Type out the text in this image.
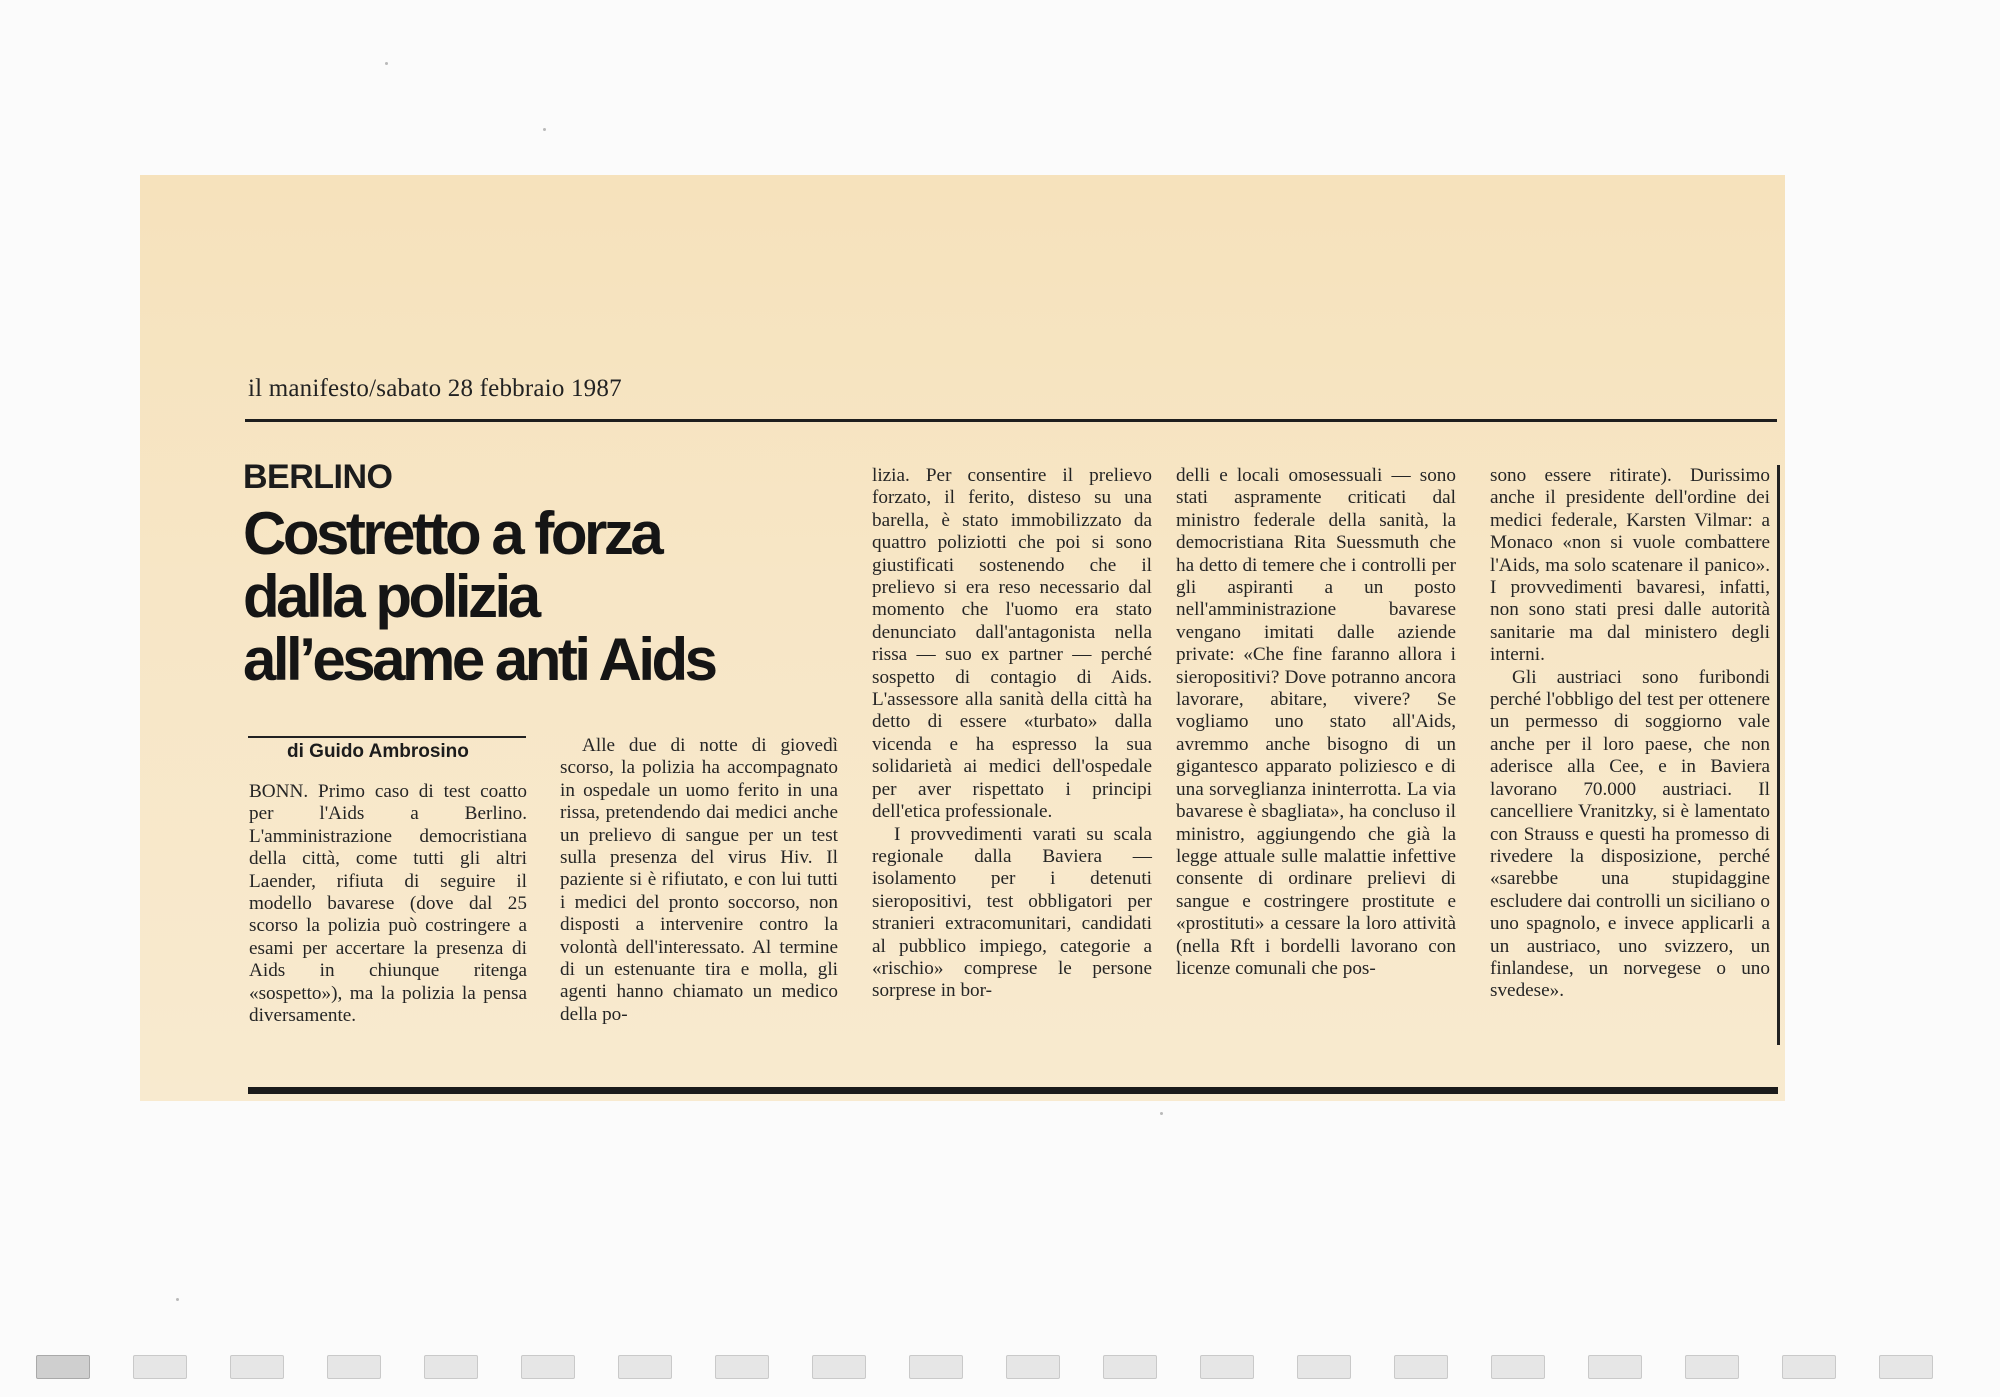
il manifesto/sabato 28 febbraio 1987
BERLINO
Costretto a forza
dalla polizia
all’esame anti Aids
di Guido Ambrosino

BONN. Primo caso di test coatto per l'Aids a Berlino. L'amministrazione democristiana della città, come tutti gli altri Laender, rifiuta di seguire il modello bavarese (dove dal 25 scorso la polizia può costringere a esami per accertare la presenza di Aids in chiunque ritenga «sospetto»), ma la polizia la pensa diversamente.

Alle due di notte di giovedì scorso, la polizia ha accompagnato in ospedale un uomo ferito in una rissa, pretendendo dai medici anche un prelievo di sangue per un test sulla presenza del virus Hiv. Il paziente si è rifiutato, e con lui tutti i medici del pronto soccorso, non disposti a intervenire contro la volontà dell'interessato. Al termine di un estenuante tira e molla, gli agenti hanno chiamato un medico della po-

lizia. Per consentire il prelievo forzato, il ferito, disteso su una barella, è stato immobilizzato da quattro poliziotti che poi si sono giustificati sostenendo che il prelievo si era reso necessario dal momento che l'uomo era stato denunciato dall'antagonista nella rissa — suo ex partner — perché sospetto di contagio di Aids. L'assessore alla sanità della città ha detto di essere «turbato» dalla vicenda e ha espresso la sua solidarietà ai medici dell'ospedale per aver rispettato i principi dell'etica professionale.

I provvedimenti varati su scala regionale dalla Baviera — isolamento per i detenuti sieropositivi, test obbligatori per stranieri extracomunitari, candidati al pubblico impiego, categorie a «rischio» comprese le persone sorprese in bor-

delli e locali omosessuali — sono stati aspramente criticati dal ministro federale della sanità, la democristiana Rita Suessmuth che ha detto di temere che i controlli per gli aspiranti a un posto nell'amministrazione bavarese vengano imitati dalle aziende private: «Che fine faranno allora i sieropositivi? Dove potranno ancora lavorare, abitare, vivere? Se vogliamo uno stato all'Aids, avremmo anche bisogno di un gigantesco apparato poliziesco e di una sorveglianza ininterrotta. La via bavarese è sbagliata», ha concluso il ministro, aggiungendo che già la legge attuale sulle malattie infettive consente di ordinare prelievi di sangue e costringere prostitute e «prostituti» a cessare la loro attività (nella Rft i bordelli lavorano con licenze comunali che pos-

sono essere ritirate). Durissimo anche il presidente dell'ordine dei medici federale, Karsten Vilmar: a Monaco «non si vuole combattere l'Aids, ma solo scatenare il panico». I provvedimenti bavaresi, infatti, non sono stati presi dalle autorità sanitarie ma dal ministero degli interni.

Gli austriaci sono furibondi perché l'obbligo del test per ottenere un permesso di soggiorno vale anche per il loro paese, che non aderisce alla Cee, e in Baviera lavorano 70.000 austriaci. Il cancelliere Vranitzky, si è lamentato con Strauss e questi ha promesso di rivedere la disposizione, perché «sarebbe una stupidaggine escludere dai controlli un siciliano o uno spagnolo, e invece applicarli a un austriaco, uno svizzero, un finlandese, un norvegese o uno svedese».
